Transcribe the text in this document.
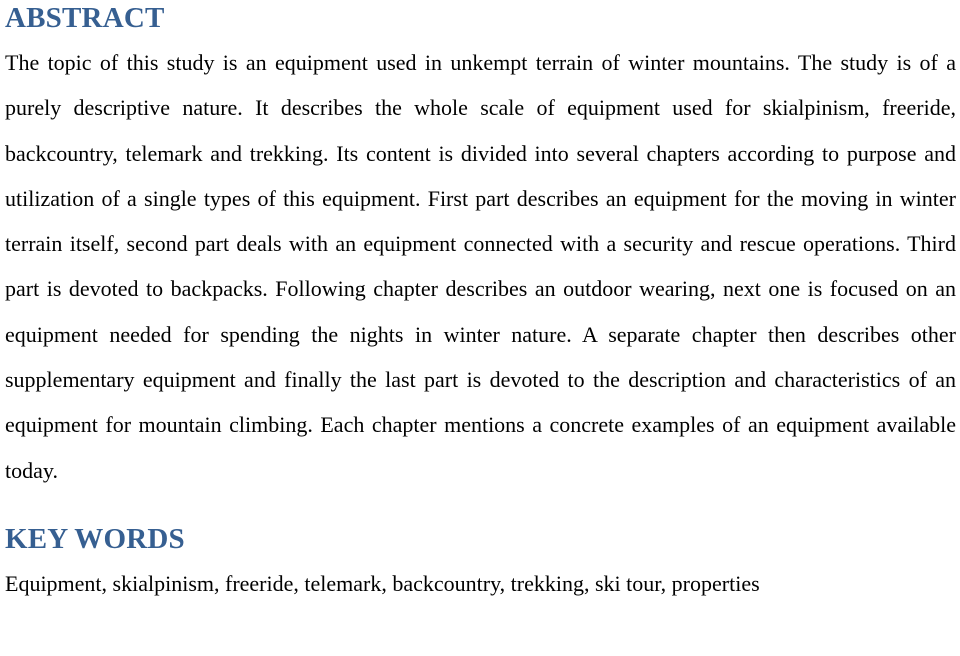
ABSTRACT

The topic of this study is an equipment used in unkempt terrain of winter mountains. The study is of a purely descriptive nature. It describes the whole scale of equipment used for skialpinism, freeride, backcountry, telemark and trekking. Its content is divided into several chapters according to purpose and utilization of a single types of this equipment. First part describes an equipment for the moving in winter terrain itself, second part deals with an equipment connected with a security and rescue operations. Third part is devoted to backpacks. Following chapter describes an outdoor wearing, next one is focused on an equipment needed for spending the nights in winter nature. A separate chapter then describes other supplementary equipment and finally the last part is devoted to the description and characteristics of an equipment for mountain climbing. Each chapter mentions a concrete examples of an equipment available today.

KEY WORDS

Equipment, skialpinism, freeride, telemark, backcountry, trekking, ski tour, properties
